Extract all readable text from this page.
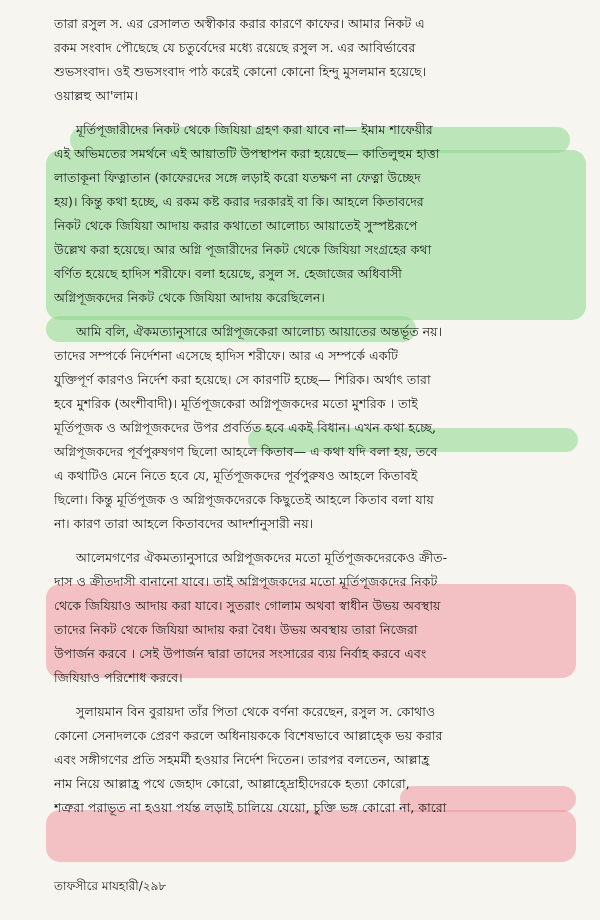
তারা রসুল স. এর রেসালত অস্বীকার করার কারণে কাফের। আমার নিকট এ
রকম সংবাদ পৌছেছে যে চতুর্বেদের মধ্যে রয়েছে রসুল স. এর আবির্ভাবের
শুভসংবাদ। ওই শুভসংবাদ পাঠ করেই কোনো কোনো হিন্দু মুসলমান হয়েছে।
ওয়াল্লহু আ'লাম।
মূর্তিপূজারীদের নিকট থেকে জিযিয়া গ্রহণ করা যাবে না— ইমাম শাফেয়ীর
এই অভিমতের সমর্থনে এই আয়াতটি উপস্থাপন করা হয়েছে— কাতিলুহুম হাত্তা
লাতাকূনা ফিত্নাতান (কাফেরদের সঙ্গে লড়াই করো যতক্ষণ না ফেত্না উচ্ছেদ
হয়)। কিন্তু কথা হচ্ছে, এ রকম কষ্ট করার দরকারই বা কি। আহলে কিতাবদের
নিকট থেকে জিযিয়া আদায় করার কথাতো আলোচ্য আয়াতেই সুস্পষ্টরূপে
উল্লেখ করা হয়েছে। আর অগ্নি পূজারীদের নিকট থেকে জিযিয়া সংগ্রহের কথা
বর্ণিত হয়েছে হাদিস শরীফে। বলা হয়েছে, রসুল স. হেজাজের অধিবাসী
অগ্নিপূজকদের নিকট থেকে জিযিয়া আদায় করেছিলেন।
আমি বলি, ঐকমত্যানুসারে অগ্নিপূজকেরা আলোচ্য আয়াতের অন্তর্ভূত নয়।
তাদের সম্পর্কে নির্দেশনা এসেছে হাদিস শরীফে। আর এ সম্পর্কে একটি
যুক্তিপূর্ণ কারণও নির্দেশ করা হয়েছে। সে কারণটি হচ্ছে— শিরিক। অর্থাৎ তারা
হবে মুশরিক (অংশীবাদী)। মূর্তিপূজকেরা অগ্নিপূজকদের মতো মুশরিক । তাই
মূর্তিপূজক ও অগ্নিপূজকদের উপর প্রবর্তিত হবে একই বিধান। এখন কথা হচ্ছে,
অগ্নিপূজকদের পূর্বপুরুষগণ ছিলো আহলে কিতাব— এ কথা যদি বলা হয়, তবে
এ কথাটিও মেনে নিতে হবে যে, মূর্তিপূজকদের পূর্বপুরুষও আহলে কিতাবই
ছিলো। কিন্তু মূর্তিপূজক ও অগ্নিপূজকদেরকে কিছুতেই আহলে কিতাব বলা যায়
না। কারণ তারা আহলে কিতাবদের আদর্শানুসারী নয়।
আলেমগণের ঐকমত্যানুসারে অগ্নিপূজকদের মতো মূর্তিপূজকদেরকেও ক্রীত-
দাস ও ক্রীতদাসী বানানো যাবে। তাই অগ্নিপূজকদের মতো মূর্তিপূজকদের নিকট
থেকে জিযিয়াও আদায় করা যাবে। সুতরাং গোলাম অথবা স্বাধীন উভয় অবস্থায়
তাদের নিকট থেকে জিযিয়া আদায় করা বৈধ। উভয় অবস্থায় তারা নিজেরা
উপার্জন করবে । সেই উপার্জন দ্বারা তাদের সংসারের ব্যয় নির্বাহ করবে এবং
জিযিয়াও পরিশোধ করবে।
সুলায়মান বিন বুরায়দা তাঁর পিতা থেকে বর্ণনা করেছেন, রসুল স. কোথাও
কোনো সেনাদলকে প্রেরণ করলে অধিনায়ককে বিশেষভাবে আল্লাহ্কে ভয় করার
এবং সঙ্গীগণের প্রতি সহমর্মী হওয়ার নির্দেশ দিতেন। তারপর বলতেন, আল্লাহ্র
নাম নিয়ে আল্লাহ্র পথে জেহাদ কোরো, আল্লাহ্দ্রোহীদেরকে হত্যা কোরো,
শত্রুরা পরাভূত না হওয়া পর্যন্ত লড়াই চালিয়ে যেয়ো, চুক্তি ভঙ্গ কোরো না, কারো
তাফসীরে মাযহারী/২৯৮
